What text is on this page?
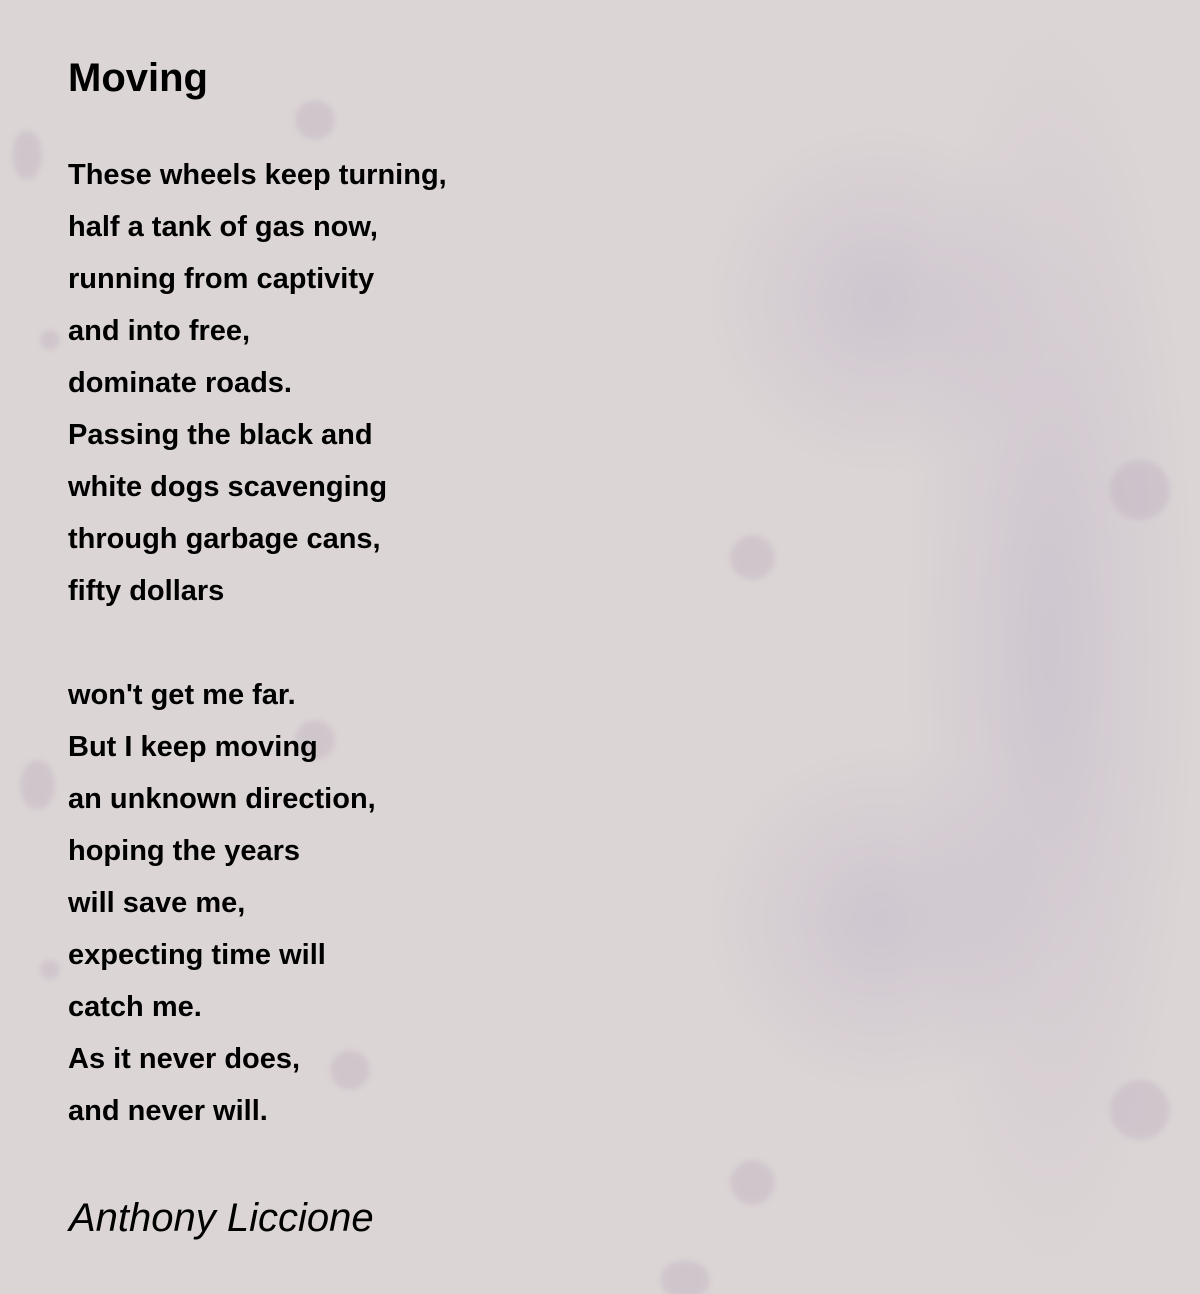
Moving
These wheels keep turning,
half a tank of gas now,
running from captivity
and into free,
dominate roads.
Passing the black and
white dogs scavenging
through garbage cans,
fifty dollars
won't get me far.
But I keep moving
an unknown direction,
hoping the years
will save me,
expecting time will
catch me.
As it never does,
and never will.
Anthony Liccione
